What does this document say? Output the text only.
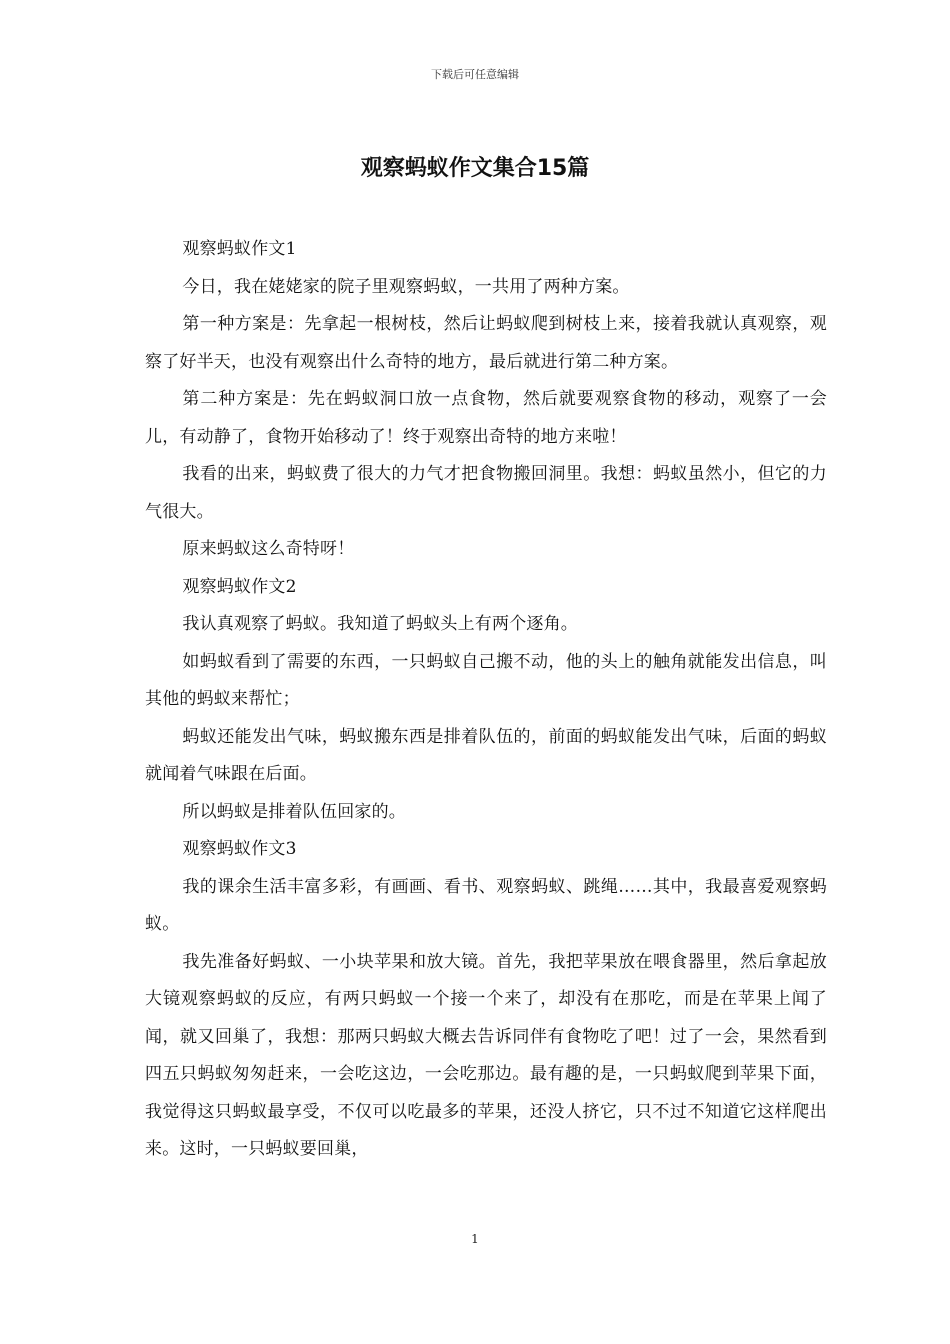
下载后可任意编辑
观察蚂蚁作文集合15篇

观察蚂蚁作文1

今日，我在姥姥家的院子里观察蚂蚁，一共用了两种方案。

第一种方案是：先拿起一根树枝，然后让蚂蚁爬到树枝上来，接着我就认真观察，观察了好半天，也没有观察出什么奇特的地方，最后就进行第二种方案。

第二种方案是：先在蚂蚁洞口放一点食物，然后就要观察食物的移动，观察了一会儿，有动静了，食物开始移动了！终于观察出奇特的地方来啦！

我看的出来，蚂蚁费了很大的力气才把食物搬回洞里。我想：蚂蚁虽然小，但它的力气很大。

原来蚂蚁这么奇特呀！

观察蚂蚁作文2

我认真观察了蚂蚁。我知道了蚂蚁头上有两个逐角。

如蚂蚁看到了需要的东西，一只蚂蚁自己搬不动，他的头上的触角就能发出信息，叫其他的蚂蚁来帮忙；

蚂蚁还能发出气味，蚂蚁搬东西是排着队伍的，前面的蚂蚁能发出气味，后面的蚂蚁就闻着气味跟在后面。

所以蚂蚁是排着队伍回家的。

观察蚂蚁作文3

我的课余生活丰富多彩，有画画、看书、观察蚂蚁、跳绳……其中，我最喜爱观察蚂蚁。

我先准备好蚂蚁、一小块苹果和放大镜。首先，我把苹果放在喂食器里，然后拿起放大镜观察蚂蚁的反应，有两只蚂蚁一个接一个来了，却没有在那吃，而是在苹果上闻了闻，就又回巢了，我想：那两只蚂蚁大概去告诉同伴有食物吃了吧！过了一会，果然看到四五只蚂蚁匆匆赶来，一会吃这边，一会吃那边。最有趣的是，一只蚂蚁爬到苹果下面，我觉得这只蚂蚁最享受，不仅可以吃最多的苹果，还没人挤它，只不过不知道它这样爬出来。这时，一只蚂蚁要回巢，

1
